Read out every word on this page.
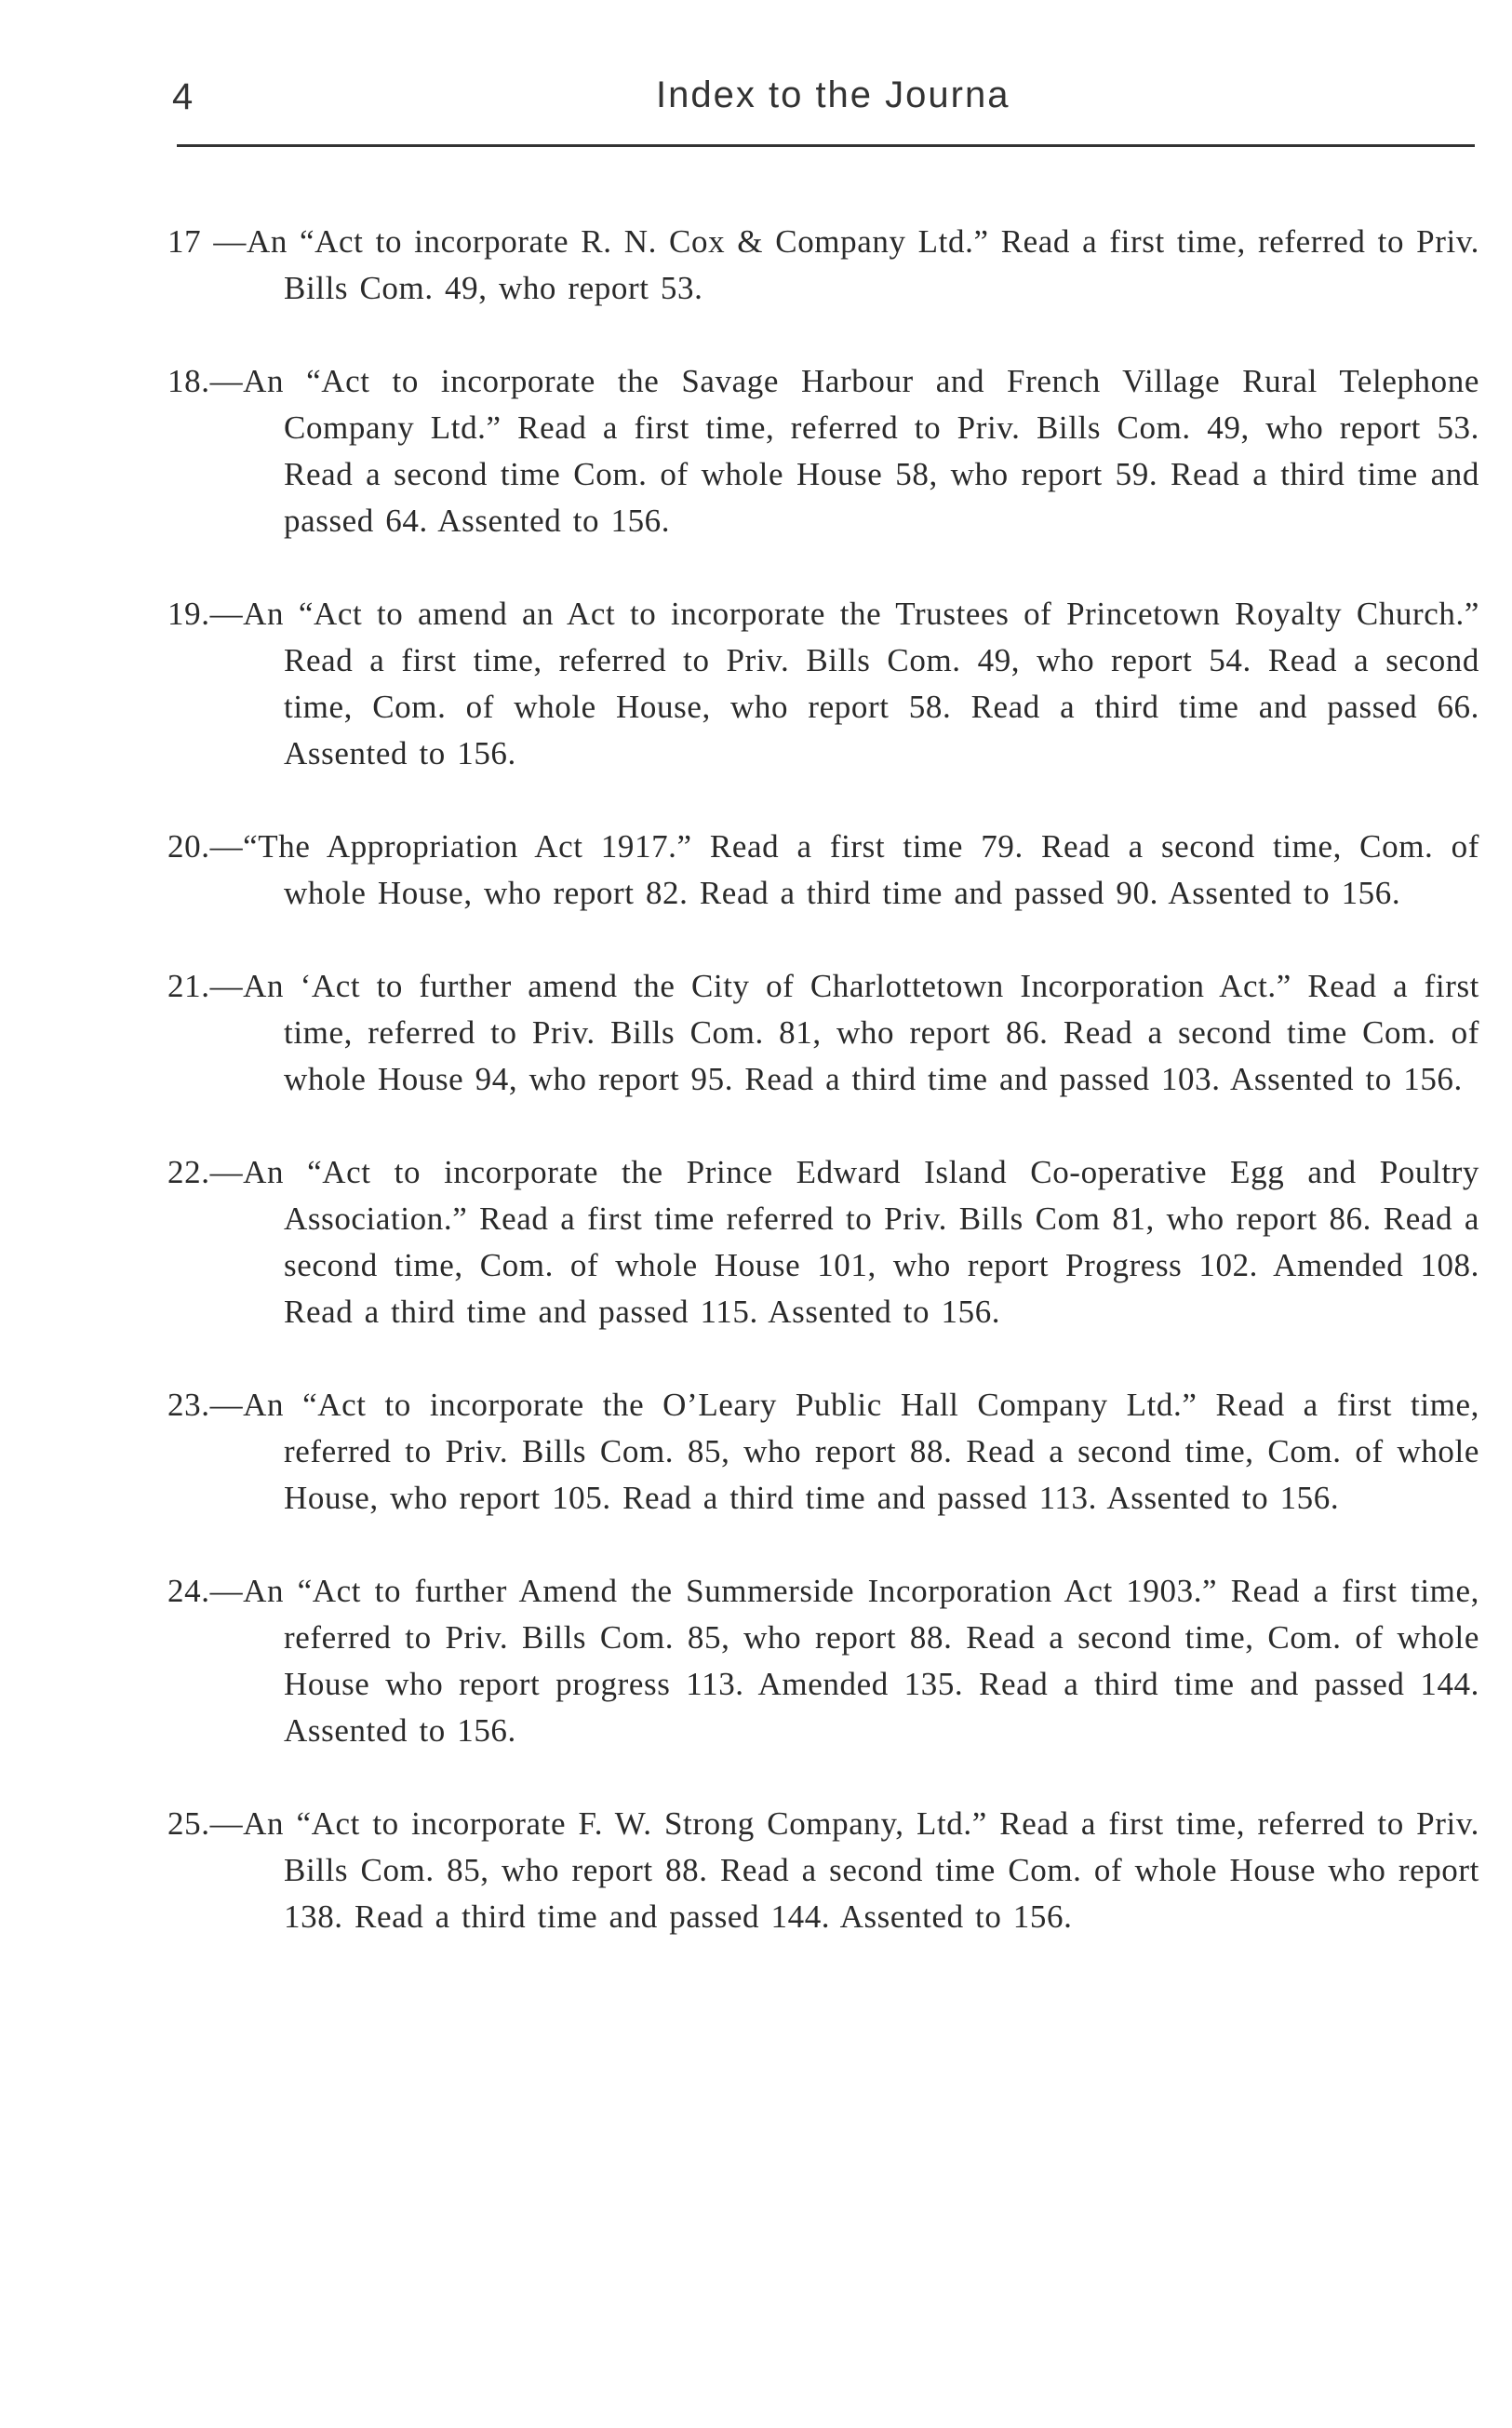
4	Index to the Journa

17 —An “Act to incorporate R. N. Cox & Company Ltd.” Read a first time, referred to Priv. Bills Com. 49, who report 53.

18.—An “Act to incorporate the Savage Harbour and French Village Rural Telephone Company Ltd.” Read a first time, referred to Priv. Bills Com. 49, who report 53. Read a second time Com. of whole House 58, who report 59. Read a third time and passed 64. Assented to 156.

19.—An “Act to amend an Act to incorporate the Trustees of Princetown Royalty Church.” Read a first time, referred to Priv. Bills Com. 49, who report 54. Read a second time, Com. of whole House, who report 58. Read a third time and passed 66. Assented to 156.

20.—“The Appropriation Act 1917.” Read a first time 79. Read a second time, Com. of whole House, who report 82. Read a third time and passed 90. Assented to 156.

21.—An ‘Act to further amend the City of Charlottetown Incorporation Act.” Read a first time, referred to Priv. Bills Com. 81, who report 86. Read a second time Com. of whole House 94, who report 95. Read a third time and passed 103. Assented to 156.

22.—An “Act to incorporate the Prince Edward Island Co-operative Egg and Poultry Association.” Read a first time referred to Priv. Bills Com 81, who report 86. Read a second time, Com. of whole House 101, who report Progress 102. Amended 108. Read a third time and passed 115. Assented to 156.

23.—An “Act to incorporate the O’Leary Public Hall Company Ltd.” Read a first time, referred to Priv. Bills Com. 85, who report 88. Read a second time, Com. of whole House, who report 105. Read a third time and passed 113. Assented to 156.

24.—An “Act to further Amend the Summerside Incorporation Act 1903.” Read a first time, referred to Priv. Bills Com. 85, who report 88. Read a second time, Com. of whole House who report progress 113. Amended 135. Read a third time and passed 144. Assented to 156.

25.—An “Act to incorporate F. W. Strong Company, Ltd.” Read a first time, referred to Priv. Bills Com. 85, who report 88. Read a second time Com. of whole House who report 138. Read a third time and passed 144. Assented to 156.
